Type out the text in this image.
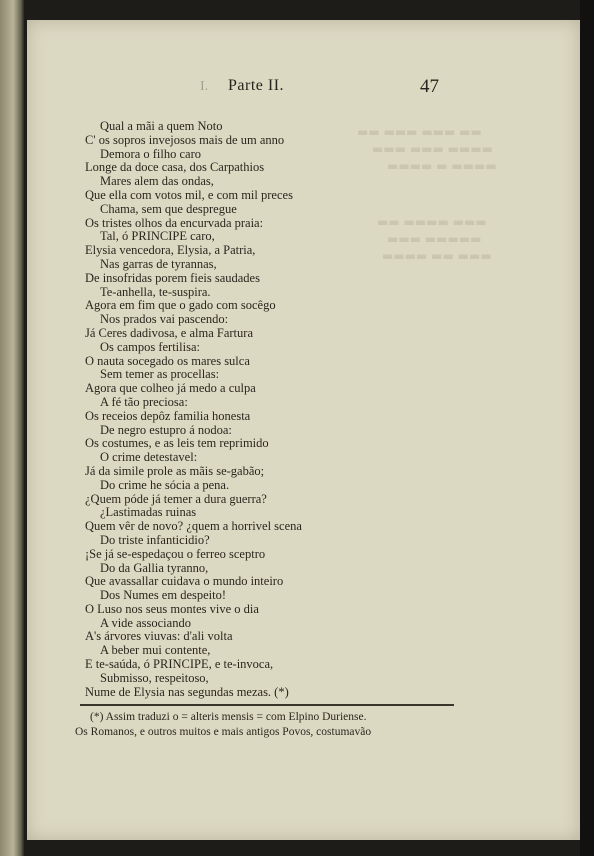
▬▬ ▬▬▬ ▬▬▬ ▬▬
▬▬▬ ▬▬▬ ▬▬▬▬
▬▬▬▬ ▬ ▬▬▬▬
▬▬ ▬▬▬▬ ▬▬▬
▬▬▬ ▬▬▬▬▬
▬▬▬▬ ▬▬ ▬▬▬
I. Parte II.	47
Qual a mãi a quem Noto
C' os sopros invejosos mais de um anno
Demora o filho caro
Longe da doce casa, dos Carpathios
Mares alem das ondas,
Que ella com votos mil, e com mil preces
Chama, sem que despregue
Os tristes olhos da encurvada praia:
Tal, ó PRINCIPE caro,
Elysia vencedora, Elysia, a Patria,
Nas garras de tyrannas,
De insofridas porem fieis saudades
Te-anhella, te-suspira.
Agora em fim que o gado com socêgo
Nos prados vai pascendo:
Já Ceres dadivosa, e alma Fartura
Os campos fertilisa:
O nauta socegado os mares sulca
Sem temer as procellas:
Agora que colheo já medo a culpa
A fé tão preciosa:
Os receios depôz familia honesta
De negro estupro á nodoa:
Os costumes, e as leis tem reprimido
O crime detestavel:
Já da simile prole as mãis se-gabão;
Do crime he sócia a pena.
¿Quem póde já temer a dura guerra?
¿Lastimadas ruinas
Quem vêr de novo? ¿quem a horrivel scena
Do triste infanticidio?
¡Se já se-espedaçou o ferreo sceptro
Do da Gallia tyranno,
Que avassallar cuidava o mundo inteiro
Dos Numes em despeito!
O Luso nos seus montes vive o dia
A vide associando
A's árvores viuvas: d'ali volta
A beber mui contente,
E te-saúda, ó PRINCIPE, e te-invoca,
Submisso, respeitoso,
Nume de Elysia nas segundas mezas. (*)
(*) Assim traduzi o = alteris mensis = com Elpino Duriense.
Os Romanos, e outros muitos e mais antigos Povos, costumavão
